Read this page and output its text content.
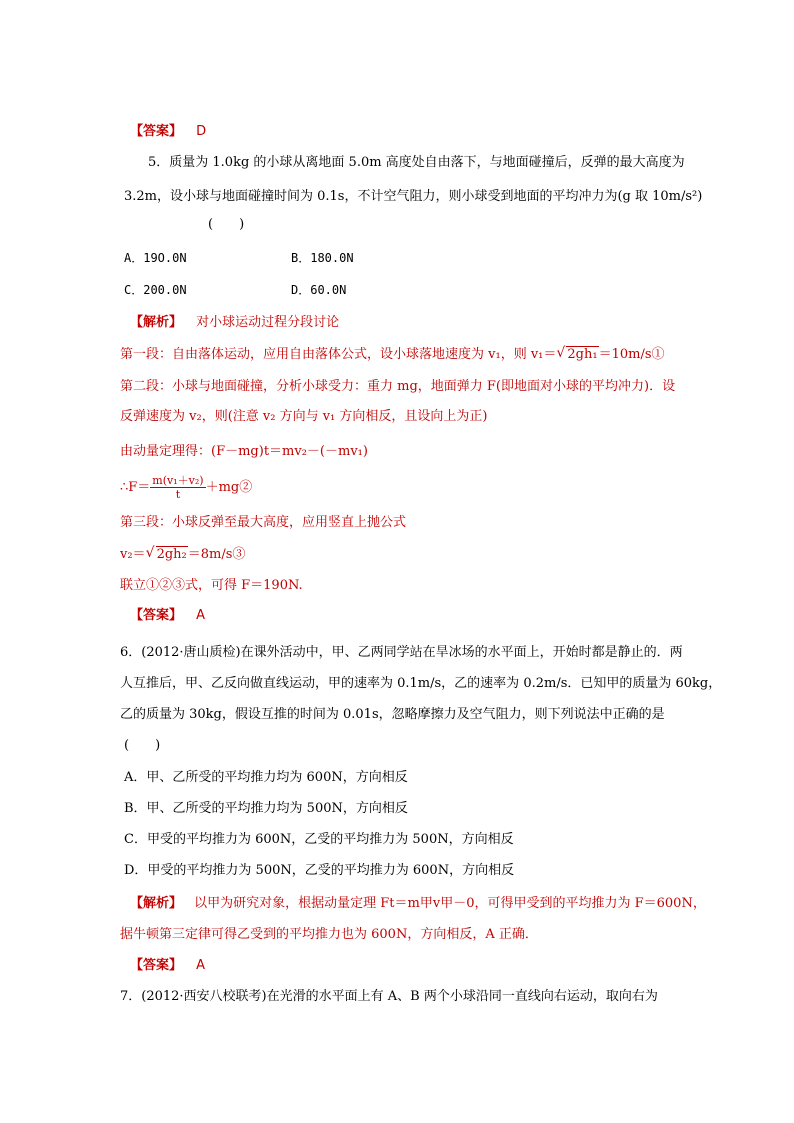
【答案】 D
5．质量为 1.0kg 的小球从离地面 5.0m 高度处自由落下，与地面碰撞后，反弹的最大高度为
3.2m，设小球与地面碰撞时间为 0.1s，不计空气阻力，则小球受到地面的平均冲力为(g 取 10m/s²)
(　　)
A．19O.0N	B．180.0N
C．200.0N	D．60.0N
【解析】 对小球运动过程分段讨论
第一段：自由落体运动，应用自由落体公式，设小球落地速度为 v₁，则 v₁＝ √ 2gh₁＝10m/s①
第二段：小球与地面碰撞，分析小球受力：重力 mg，地面弹力 F(即地面对小球的平均冲力)．设
反弹速度为 v₂，则(注意 v₂ 方向与 v₁ 方向相反，且设向上为正)
由动量定理得：(F－mg)t＝mv₂－(－mv₁)
∴F＝ $\frac{\text{m(v₁＋v₂)}}{t}$ ＋mg②
第三段：小球反弹至最大高度，应用竖直上抛公式
v₂＝ √ 2gh₂＝8m/s③
联立①②③式，可得 F＝190N.
【答案】 A
6．(2012·唐山质检)在课外活动中，甲、乙两同学站在旱冰场的水平面上，开始时都是静止的．两
人互推后，甲、乙反向做直线运动，甲的速率为 0.1m/s，乙的速率为 0.2m/s．已知甲的质量为 60kg，
乙的质量为 30kg，假设互推的时间为 0.01s，忽略摩擦力及空气阻力，则下列说法中正确的是
(　　)
A．甲、乙所受的平均推力均为 600N，方向相反
B．甲、乙所受的平均推力均为 500N，方向相反
C．甲受的平均推力为 600N，乙受的平均推力为 500N，方向相反
D．甲受的平均推力为 500N，乙受的平均推力为 600N，方向相反
【解析】 以甲为研究对象，根据动量定理 Ft＝m甲v甲－0，可得甲受到的平均推力为 F＝600N，
据牛顿第三定律可得乙受到的平均推力也为 600N，方向相反，A 正确．
【答案】 A
7．(2012·西安八校联考)在光滑的水平面上有 A、B 两个小球沿同一直线向右运动，取向右为
